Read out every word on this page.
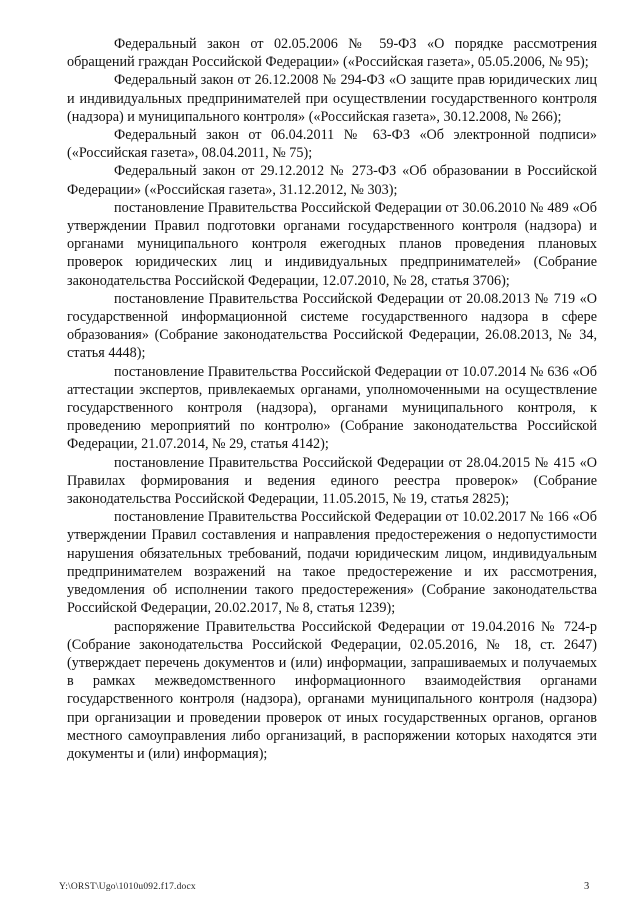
Федеральный закон от 02.05.2006 № 59-ФЗ «О порядке рассмотрения обращений граждан Российской Федерации» («Российская газета», 05.05.2006, № 95);

Федеральный закон от 26.12.2008 № 294-ФЗ «О защите прав юридических лиц и индивидуальных предпринимателей при осуществлении государственного контроля (надзора) и муниципального контроля» («Российская газета», 30.12.2008, № 266);

Федеральный закон от 06.04.2011 № 63-ФЗ «Об электронной подписи» («Российская газета», 08.04.2011, № 75);

Федеральный закон от 29.12.2012 № 273-ФЗ «Об образовании в Российской Федерации» («Российская газета», 31.12.2012, № 303);

постановление Правительства Российской Федерации от 30.06.2010 № 489 «Об утверждении Правил подготовки органами государственного контроля (надзора) и органами муниципального контроля ежегодных планов проведения плановых проверок юридических лиц и индивидуальных предпринимателей» (Собрание законодательства Российской Федерации, 12.07.2010, № 28, статья 3706);

постановление Правительства Российской Федерации от 20.08.2013 № 719 «О государственной информационной системе государственного надзора в сфере образования» (Собрание законодательства Российской Федерации, 26.08.2013, № 34, статья 4448);

постановление Правительства Российской Федерации от 10.07.2014 № 636 «Об аттестации экспертов, привлекаемых органами, уполномоченными на осуществление государственного контроля (надзора), органами муниципального контроля, к проведению мероприятий по контролю» (Собрание законодательства Российской Федерации, 21.07.2014, № 29, статья 4142);

постановление Правительства Российской Федерации от 28.04.2015 № 415 «О Правилах формирования и ведения единого реестра проверок» (Собрание законодательства Российской Федерации, 11.05.2015, № 19, статья 2825);

постановление Правительства Российской Федерации от 10.02.2017 № 166 «Об утверждении Правил составления и направления предостережения о недопустимости нарушения обязательных требований, подачи юридическим лицом, индивидуальным предпринимателем возражений на такое предостережение и их рассмотрения, уведомления об исполнении такого предостережения» (Собрание законодательства Российской Федерации, 20.02.2017, № 8, статья 1239);

распоряжение Правительства Российской Федерации от 19.04.2016 № 724-р (Собрание законодательства Российской Федерации, 02.05.2016, № 18, ст. 2647) (утверждает перечень документов и (или) информации, запрашиваемых и получаемых в рамках межведомственного информационного взаимодействия органами государственного контроля (надзора), органами муниципального контроля (надзора) при организации и проведении проверок от иных государственных органов, органов местного самоуправления либо организаций, в распоряжении которых находятся эти документы и (или) информация);

Y:\ORST\Ugo\1010u092.f17.docx	3
